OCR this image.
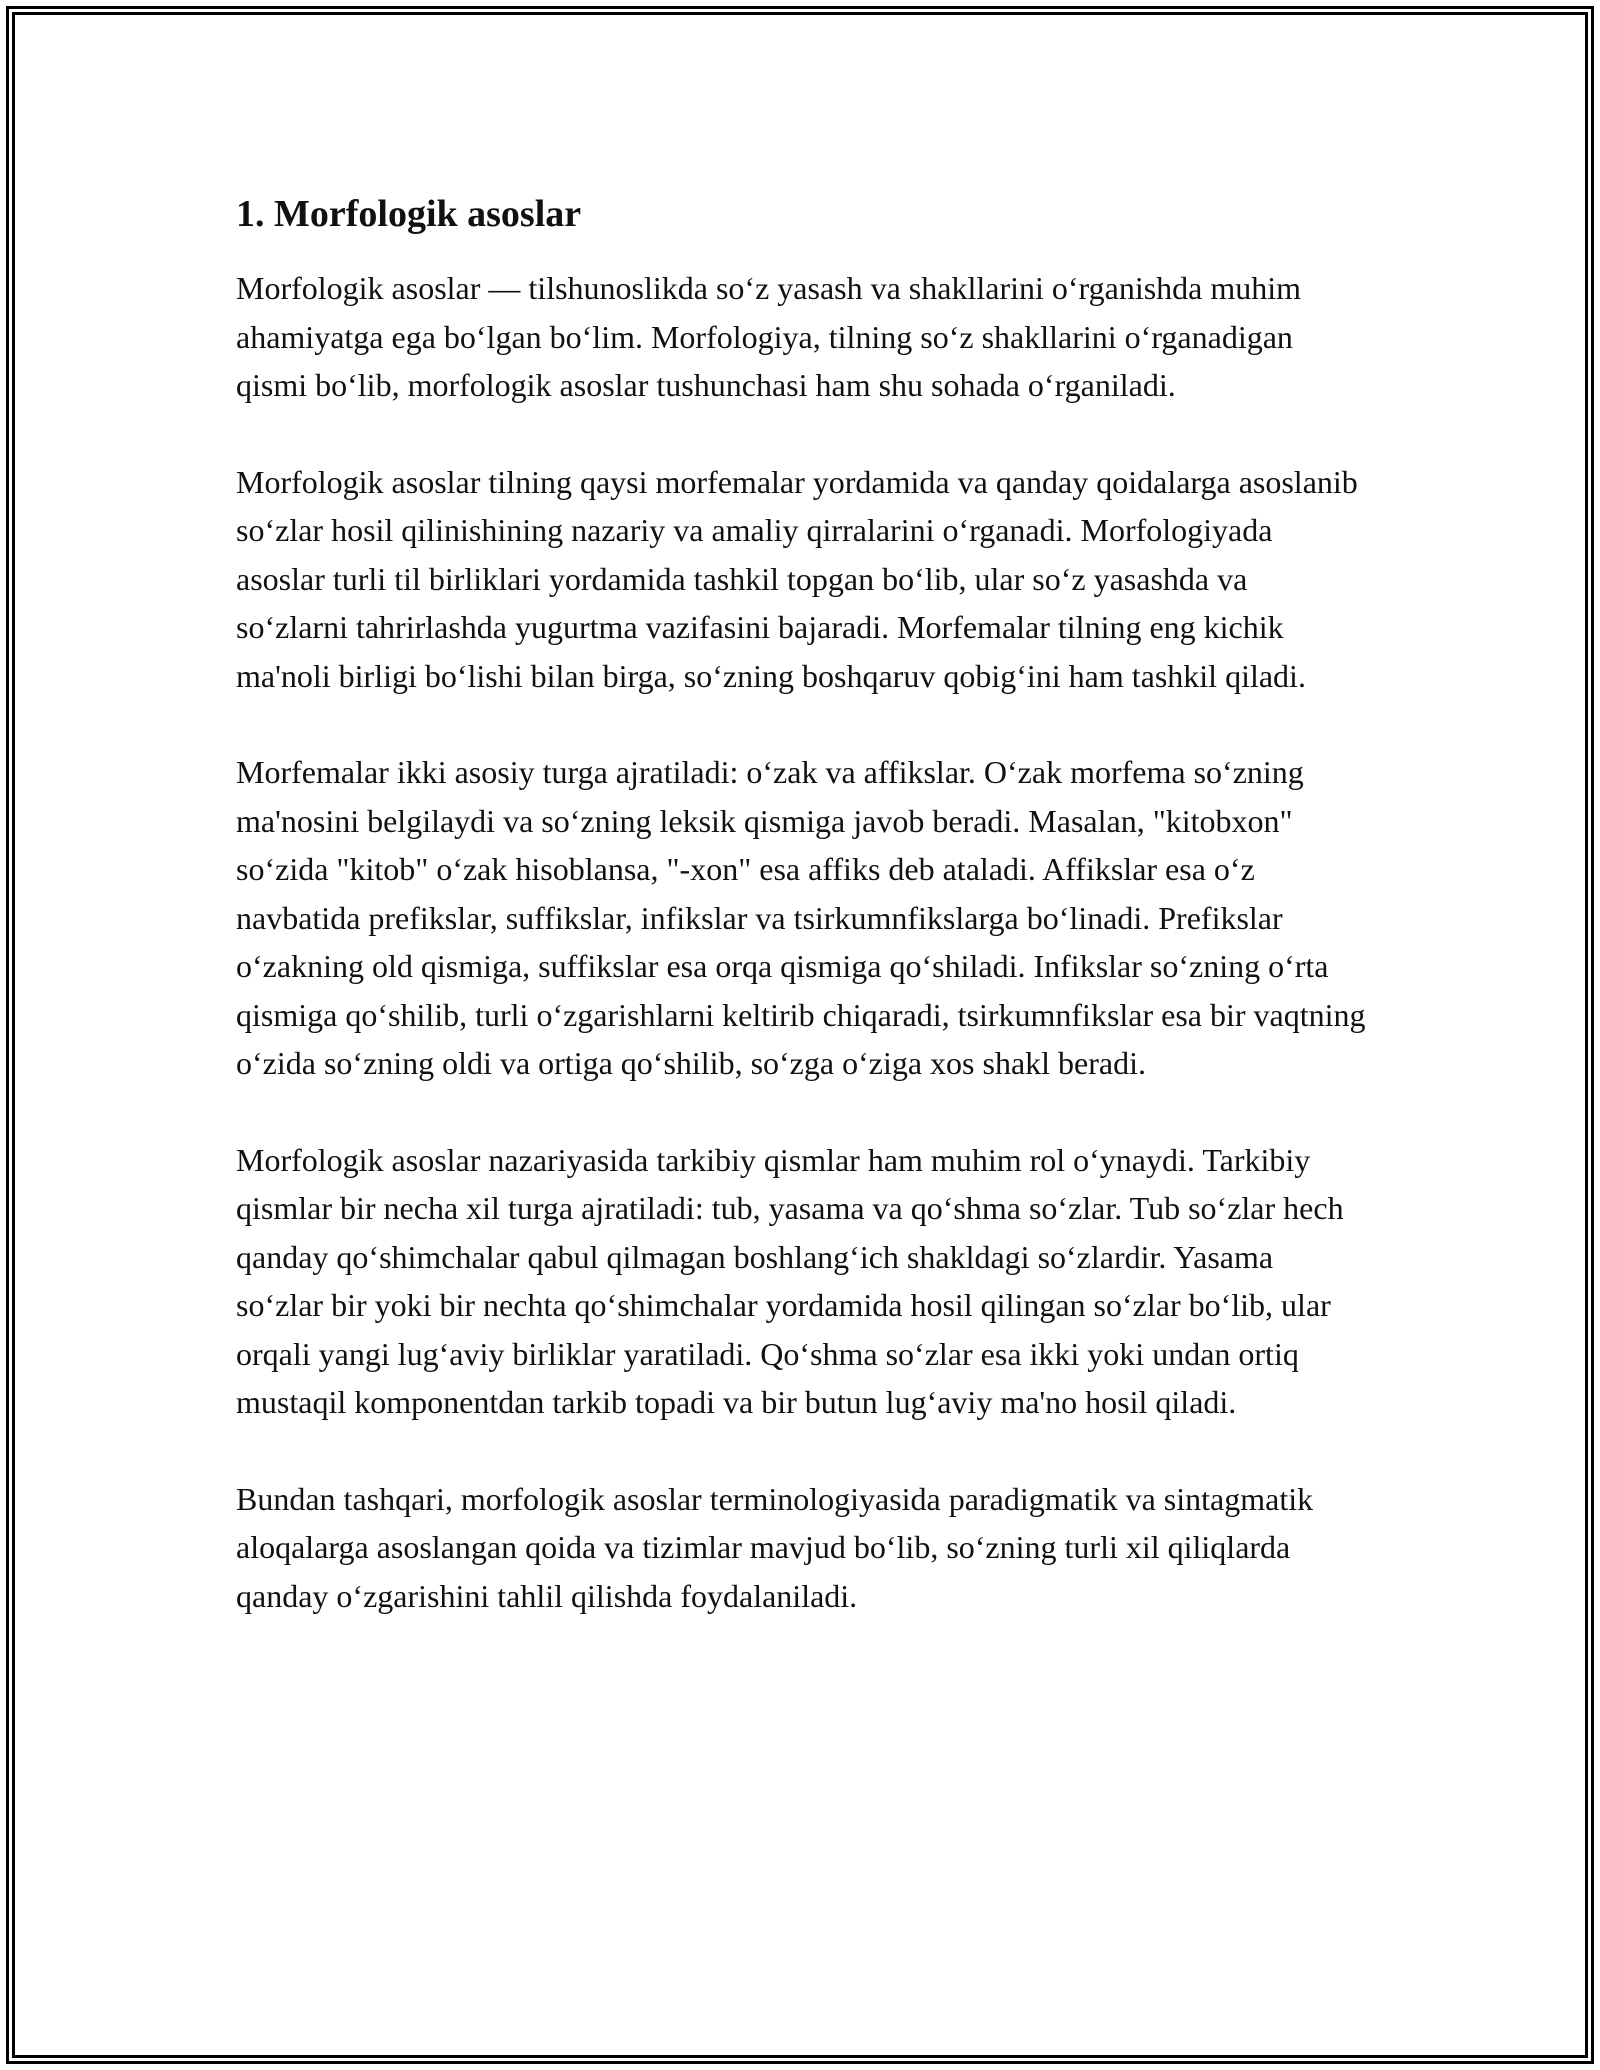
1. Morfologik asoslar

Morfologik asoslar — tilshunoslikda so‘z yasash va shakllarini o‘rganishda muhim ahamiyatga ega bo‘lgan bo‘lim. Morfologiya, tilning so‘z shakllarini o‘rganadigan qismi bo‘lib, morfologik asoslar tushunchasi ham shu sohada o‘rganiladi.

Morfologik asoslar tilning qaysi morfemalar yordamida va qanday qoidalarga asoslanib so‘zlar hosil qilinishining nazariy va amaliy qirralarini o‘rganadi. Morfologiyada asoslar turli til birliklari yordamida tashkil topgan bo‘lib, ular so‘z yasashda va so‘zlarni tahrirlashda yugurtma vazifasini bajaradi. Morfemalar tilning eng kichik ma'noli birligi bo‘lishi bilan birga, so‘zning boshqaruv qobig‘ini ham tashkil qiladi.

Morfemalar ikki asosiy turga ajratiladi: o‘zak va affikslar. O‘zak morfema so‘zning ma'nosini belgilaydi va so‘zning leksik qismiga javob beradi. Masalan, "kitobxon" so‘zida "kitob" o‘zak hisoblansa, "-xon" esa affiks deb ataladi. Affikslar esa o‘z navbatida prefikslar, suffikslar, infikslar va tsirkumnfikslarga bo‘linadi. Prefikslar o‘zakning old qismiga, suffikslar esa orqa qismiga qo‘shiladi. Infikslar so‘zning o‘rta qismiga qo‘shilib, turli o‘zgarishlarni keltirib chiqaradi, tsirkumnfikslar esa bir vaqtning o‘zida so‘zning oldi va ortiga qo‘shilib, so‘zga o‘ziga xos shakl beradi.

Morfologik asoslar nazariyasida tarkibiy qismlar ham muhim rol o‘ynaydi. Tarkibiy qismlar bir necha xil turga ajratiladi: tub, yasama va qo‘shma so‘zlar. Tub so‘zlar hech qanday qo‘shimchalar qabul qilmagan boshlang‘ich shakldagi so‘zlardir. Yasama so‘zlar bir yoki bir nechta qo‘shimchalar yordamida hosil qilingan so‘zlar bo‘lib, ular orqali yangi lug‘aviy birliklar yaratiladi. Qo‘shma so‘zlar esa ikki yoki undan ortiq mustaqil komponentdan tarkib topadi va bir butun lug‘aviy ma'no hosil qiladi.

Bundan tashqari, morfologik asoslar terminologiyasida paradigmatik va sintagmatik aloqalarga asoslangan qoida va tizimlar mavjud bo‘lib, so‘zning turli xil qiliqlarda qanday o‘zgarishini tahlil qilishda foydalaniladi.
